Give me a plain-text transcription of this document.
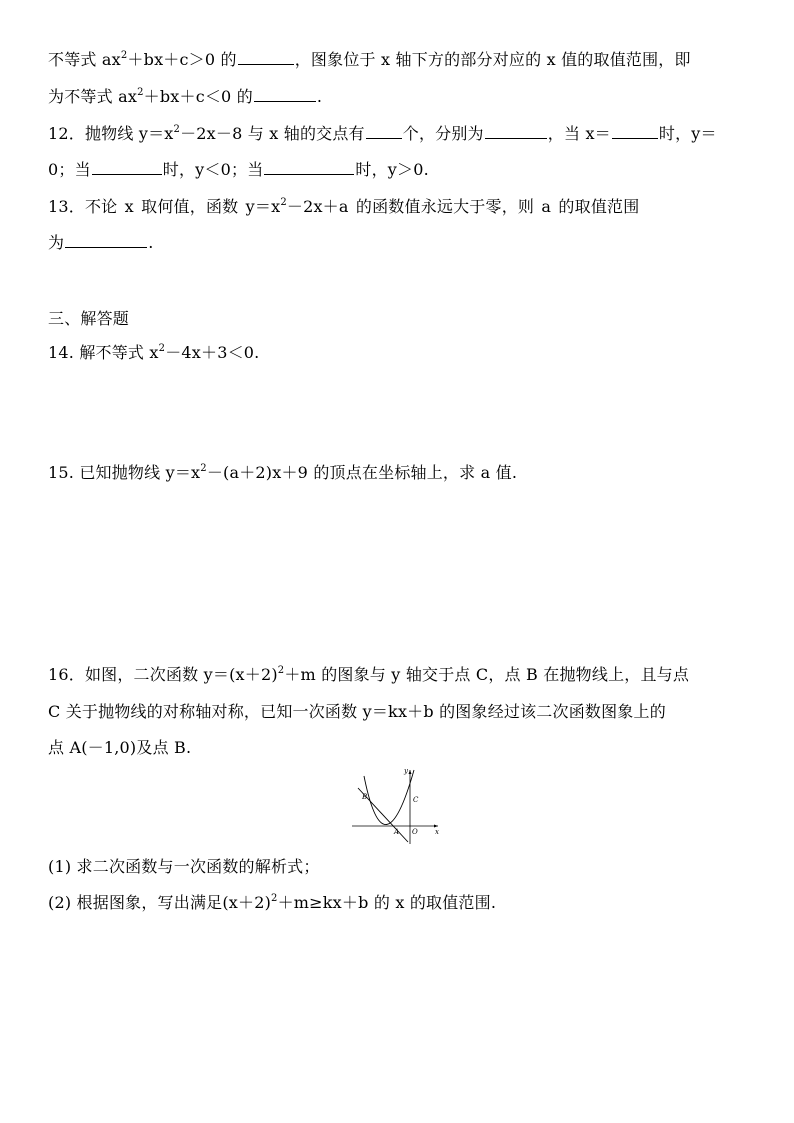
不等式 $ax^2+bx+c>0$ 的	，图象位于 x 轴下方的部分对应的 x 值的取值范围，即
为不等式 $ax^2+bx+c<0$ 的	.
12．抛物线 $y=x^2-2x-8$ 与 x 轴的交点有 个，分别为	，当 x＝	时，y＝
0；当	时，y＜0；当	时，y＞0.
13．不论 x 取何值，函数 $y=x^2-2x+a$ 的函数值永远大于零，则 a 的取值范围
为	.
三、解答题
14. 解不等式 $x^2-4x+3<0$.
15. 已知抛物线 $y=x^2-(a+2)x+9$ 的顶点在坐标轴上，求 a 值.
16．如图，二次函数 $y=(x+2)^2+m$ 的图象与 y 轴交于点 C，点 B 在抛物线上，且与点
C 关于抛物线的对称轴对称，已知一次函数 y＝kx＋b 的图象经过该二次函数图象上的
点 A(－1,0)及点 B.
B	C
A O x
y
(1) 求二次函数与一次函数的解析式；
(2) 根据图象，写出满足$(x+2)^2+m\ge kx+b$ 的 x 的取值范围.
